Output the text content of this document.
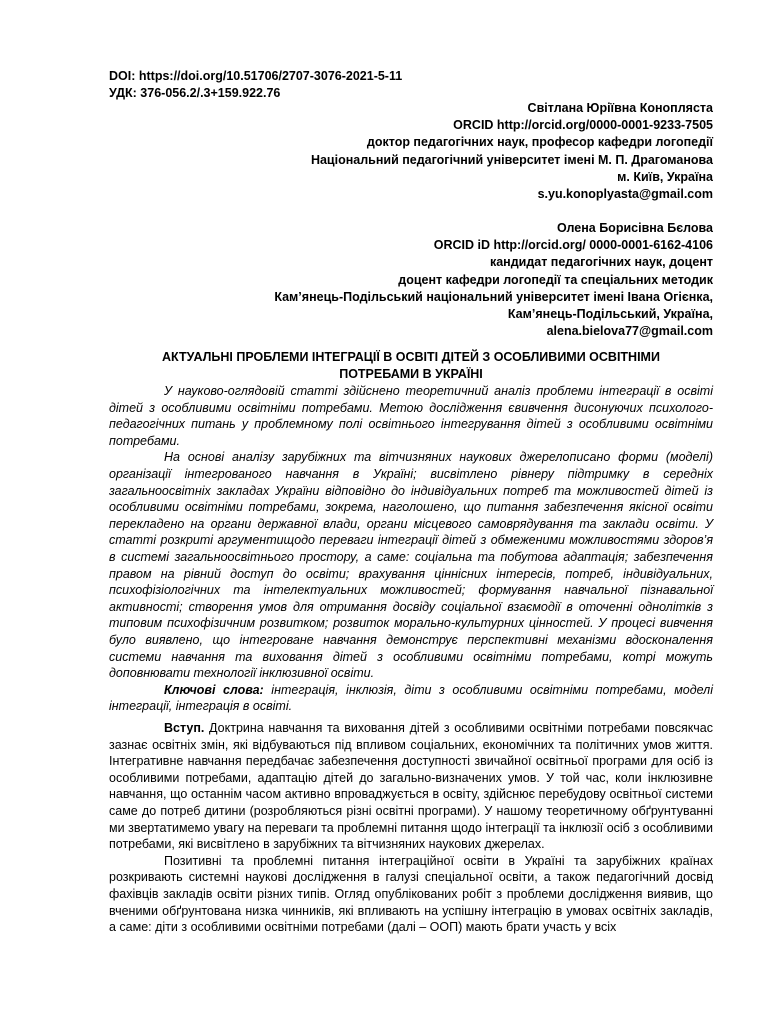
DOI: https://doi.org/10.51706/2707-3076-2021-5-11
УДК: 376-056.2/.3+159.922.76
Світлана Юріївна Конопляста
ORCID http://orcid.org/0000-0001-9233-7505
доктор педагогічних наук, професор кафедри логопедії
Національний педагогічний університет імені М. П. Драгоманова
м. Київ, Україна
s.yu.konoplyasta@gmail.com
Олена Борисівна Бєлова
ORCID iD http://orcid.org/ 0000-0001-6162-4106
кандидат педагогічних наук, доцент
доцент кафедри логопедії та спеціальних методик
Кам’янець-Подільський національний університет імені Івана Огієнка,
Кам’янець-Подільський, Україна,
alena.bielova77@gmail.com
АКТУАЛЬНІ ПРОБЛЕМИ ІНТЕГРАЦІЇ В ОСВІТІ ДІТЕЙ З ОСОБЛИВИМИ ОСВІТНІМИ
ПОТРЕБАМИ В УКРАЇНІ

У науково-оглядовій статті здійснено теоретичний аналіз проблеми інтеграції в освіті дітей з особливими освітніми потребами. Метою дослідження євивчення дисонуючих психолого-педагогічних питань у проблемному полі освітнього інтегрування дітей з особливими освітніми потребами.

На основі аналізу зарубіжних та вітчизняних наукових джерелописано форми (моделі) організації інтегрованого навчання в Україні; висвітлено рівнеру підтримку в середніх загальноосвітніх закладах України відповідно до індивідуальних потреб та можливостей дітей із особливими освітніми потребами, зокрема, наголошено, що питання забезпечення якісної освіти перекладено на органи державної влади, органи місцевого самоврядування та заклади освіти. У статті розкриті аргументищодо переваги інтеграції дітей з обмеженими можливостями здоров’я в системі загальноосвітнього простору, а саме: соціальна та побутова адаптація; забезпечення правом на рівний доступ до освіти; врахування ціннісних інтересів, потреб, індивідуальних, психофізіологічних та інтелектуальних можливостей; формування навчальної пізнавальної активності; створення умов для отримання досвіду соціальної взаємодії в оточенні однолітків з типовим психофізичним розвитком; розвиток морально-культурних цінностей. У процесі вивчення було виявлено, що інтегроване навчання демонструє перспективні механізми вдосконалення системи навчання та виховання дітей з особливими освітніми потребами, котрі можуть доповнювати технології інклюзивної освіти.

Ключові слова: інтеграція, інклюзія, діти з особливими освітніми потребами, моделі інтеграції, інтеграція в освіті.

Вступ. Доктрина навчання та виховання дітей з особливими освітніми потребами повсякчас зазнає освітніх змін, які відбуваються під впливом соціальних, економічних та політичних умов життя. Інтегративне навчання передбачає забезпечення доступності звичайної освітньої програми для осіб із особливими потребами, адаптацію дітей до загально-визначених умов. У той час, коли інклюзивне навчання, що останнім часом активно впроваджується в освіту, здійснює перебудову освітньої системи саме до потреб дитини (розробляються різні освітні програми). У нашому теоретичному обґрунтуванні ми звертатимемо увагу на переваги та проблемні питання щодо інтеграції та інклюзії осіб з особливими потребами, які висвітлено в зарубіжних та вітчизняних наукових джерелах.

Позитивні та проблемні питання інтеграційної освіти в Україні та зарубіжних країнах розкривають системні наукові дослідження в галузі спеціальної освіти, а також педагогічний досвід фахівців закладів освіти різних типів. Огляд опублікованих робіт з проблеми дослідження виявив, що вченими обґрунтована низка чинників, які впливають на успішну інтеграцію в умовах освітніх закладів, а саме: діти з особливими освітніми потребами (далі – ООП) мають брати участь у всіх
